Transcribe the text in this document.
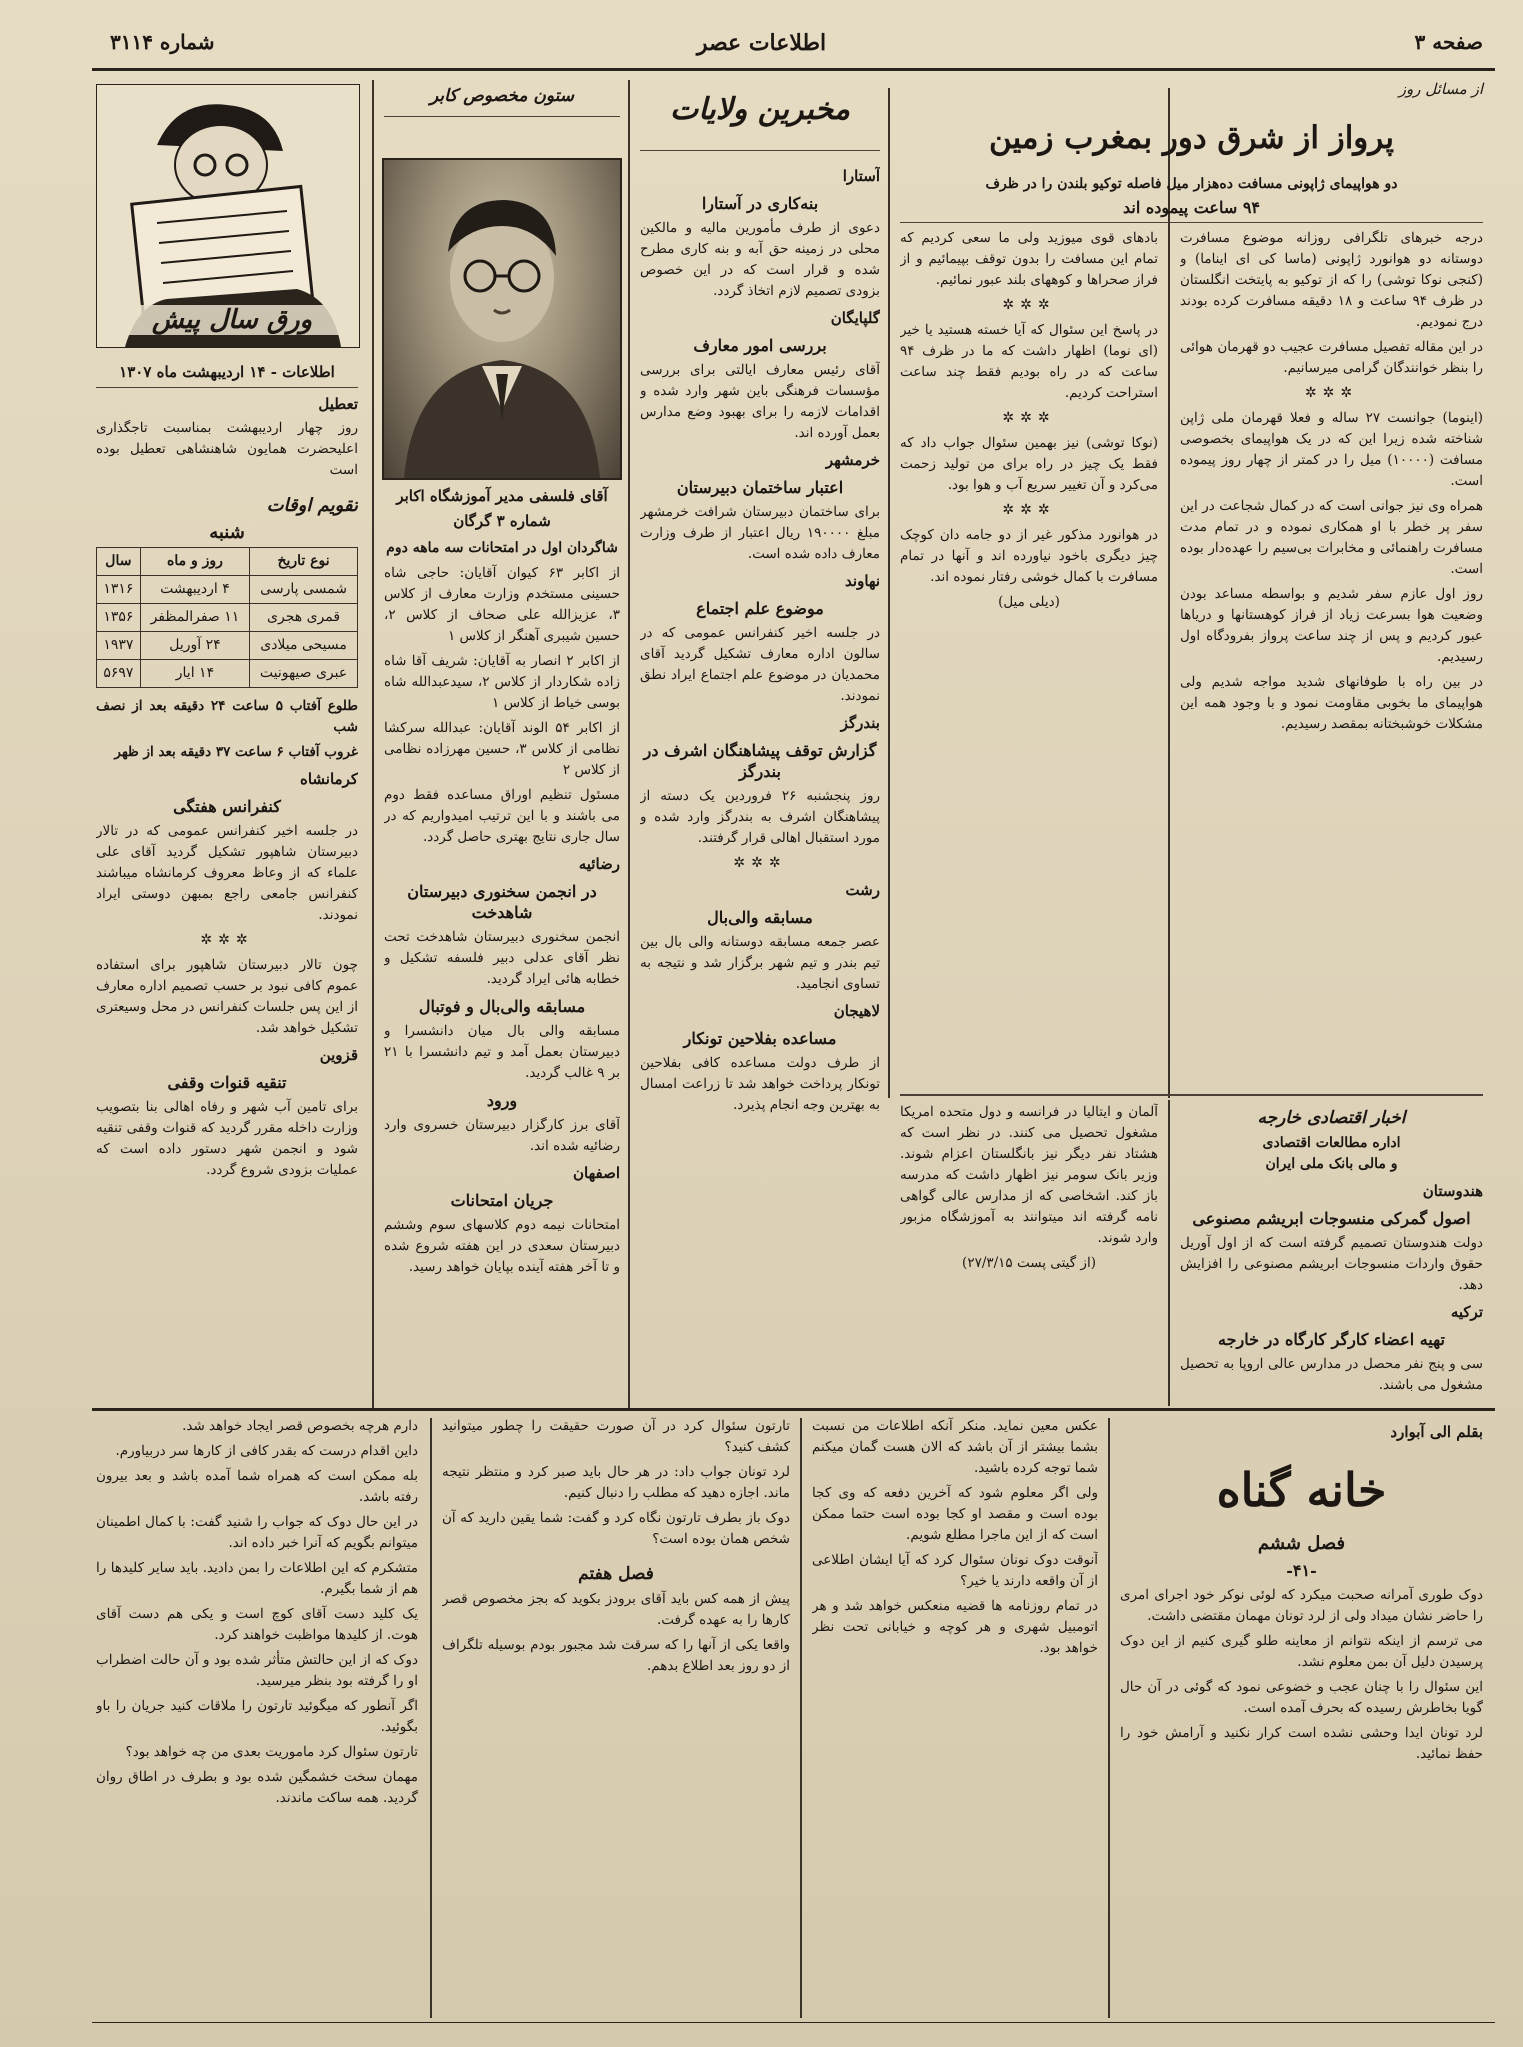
صفحه ۳
اطلاعات عصر
شماره ۳۱۱۴
از مسائل روز
پرواز از شرق دور بمغرب زمین
دو هواپیمای ژاپونی مسافت ده‌هزار میل فاصله توکیو بلندن را در ظرف
۹۴ ساعت پیموده اند

درجه خبرهای تلگرافی روزانه موضوع مسافرت دوستانه دو هوانورد ژاپونی (ماسا کی ای ایناما) و (کنجی نوکا توشی) را که از توکیو به پایتخت انگلستان در ظرف ۹۴ ساعت و ۱۸ دقیقه مسافرت کرده بودند درج نمودیم.

در این مقاله تفصیل مسافرت عجیب دو قهرمان هوائی را بنظر خوانندگان گرامی میرسانیم.

✲✲✲

(اینوما) جوانست ۲۷ ساله و فعلا قهرمان ملی ژاپن شناخته شده زیرا این که در یک هواپیمای بخصوصی مسافت (۱۰۰۰۰) میل را در کمتر از چهار روز پیموده است.

همراه وی نیز جوانی است که در کمال شجاعت در این سفر پر خطر با او همکاری نموده و در تمام مدت مسافرت راهنمائی و مخابرات بی‌سیم را عهده‌دار بوده است.

روز اول عازم سفر شدیم و بواسطه مساعد بودن وضعیت هوا بسرعت زیاد از فراز کوهستانها و دریاها عبور کردیم و پس از چند ساعت پرواز بفرودگاه اول رسیدیم.

در بین راه با طوفانهای شدید مواجه شدیم ولی هواپیمای ما بخوبی مقاومت نمود و با وجود همه این مشکلات خوشبختانه بمقصد رسیدیم.

بادهای قوی میوزید ولی ما سعی کردیم که تمام این مسافت را بدون توقف بپیمائیم و از فراز صحراها و کوههای بلند عبور نمائیم.

✲✲✲

در پاسخ این سئوال که آیا خسته هستید یا خیر (ای نوما) اظهار داشت که ما در ظرف ۹۴ ساعت که در راه بودیم فقط چند ساعت استراحت کردیم.

✲✲✲

(نوکا توشی) نیز بهمین سئوال جواب داد که فقط یک چیز در راه برای من تولید زحمت می‌کرد و آن تغییر سریع آب و هوا بود.

✲✲✲

در هوانورد مذکور غیر از دو جامه دان کوچک چیز دیگری باخود نیاورده اند و آنها در تمام مسافرت با کمال خوشی رفتار نموده اند.

(دیلی میل)

مخبرین ولایات
آستارا
بنه‌کاری در آستارا

دعوی از طرف مأمورین مالیه و مالکین محلی در زمینه حق آبه و بنه کاری مطرح شده و قرار است که در این خصوص بزودی تصمیم لازم اتخاذ گردد.

گلپایگان
بررسی امور معارف

آقای رئیس معارف ایالتی برای بررسی مؤسسات فرهنگی باین شهر وارد شده و اقدامات لازمه را برای بهبود وضع مدارس بعمل آورده اند.

خرمشهر
اعتبار ساختمان دبیرستان

برای ساختمان دبیرستان شرافت خرمشهر مبلغ ۱۹۰۰۰۰ ریال اعتبار از طرف وزارت معارف داده شده است.

نهاوند
موضوع علم اجتماع

در جلسه اخیر کنفرانس عمومی که در سالون اداره معارف تشکیل گردید آقای محمدیان در موضوع علم اجتماع ایراد نطق نمودند.

بندرگز
گزارش توقف پیشاهنگان اشرف در بندرگز

روز پنجشنبه ۲۶ فروردین یک دسته از پیشاهنگان اشرف به بندرگز وارد شده و مورد استقبال اهالی قرار گرفتند.

✲✲✲
رشت
مسابقه والی‌بال

عصر جمعه مسابقه دوستانه والی بال بین تیم بندر و تیم شهر برگزار شد و نتیجه به تساوی انجامید.

لاهیجان
مساعده بفلاحین تونکار

از طرف دولت مساعده کافی بفلاحین تونکار پرداخت خواهد شد تا زراعت امسال به بهترین وجه انجام پذیرد.

ستون مخصوص کابر
آقای فلسفی مدیر آموزشگاه اکابر
شماره ۳ گرگان
شاگردان اول در امتحانات سه ماهه دوم

از اکابر ۶۳ کیوان آقایان: حاجی شاه حسینی مستخدم وزارت معارف از کلاس ۳، عزیزالله علی صحاف از کلاس ۲، حسین شیبری آهنگر از کلاس ۱

از اکابر ۲ انصار به آقایان: شریف آقا شاه زاده شکاردار از کلاس ۲، سیدعبدالله شاه بوسی خیاط از کلاس ۱

از اکابر ۵۴ الوند آقایان: عبدالله سرکشا نظامی از کلاس ۳، حسین مهرزاده نظامی از کلاس ۲

مسئول تنظیم اوراق مساعده فقط دوم می باشند و با این ترتیب امیدواریم که در سال جاری نتایج بهتری حاصل گردد.

رضائیه
در انجمن سخنوری دبیرستان شاهدخت

انجمن سخنوری دبیرستان شاهدخت تحت نظر آقای عدلی دبیر فلسفه تشکیل و خطابه هائی ایراد گردید.

مسابقه والی‌بال و فوتبال

مسابقه والی بال میان دانشسرا و دبیرستان بعمل آمد و تیم دانشسرا با ۲۱ بر ۹ غالب گردید.

ورود

آقای برز کارگزار دبیرستان خسروی وارد رضائیه شده اند.

اصفهان
جریان امتحانات

امتحانات نیمه دوم کلاسهای سوم وششم دبیرستان سعدی در این هفته شروع شده و تا آخر هفته آینده بپایان خواهد رسید.

ورق سال پیش
اطلاعات - ۱۴ اردیبهشت ماه ۱۳۰۷
تعطیل

روز چهار اردیبهشت بمناسبت تاجگذاری اعلیحضرت همایون شاهنشاهی تعطیل بوده است

تقویم اوقات
شنبه
نوع تاریخ	روز و ماه	سال
شمسی پارسی	۴ اردیبهشت	۱۳۱۶
قمری هجری	۱۱ صفرالمظفر	۱۳۵۶
مسیحی میلادی	۲۴ آوریل	۱۹۳۷
عبری صیهونیت	۱۴ ایار	۵۶۹۷

طلوع آفتاب ۵ ساعت ۲۴ دقیقه بعد از نصف شب

غروب آفتاب ۶ ساعت ۳۷ دقیقه بعد از ظهر

کرمانشاه
کنفرانس هفتگی

در جلسه اخیر کنفرانس عمومی که در تالار دبیرستان شاهپور تشکیل گردید آقای علی علماء که از وعاظ معروف کرمانشاه میباشند کنفرانس جامعی راجع بمبهن دوستی ایراد نمودند.

✲✲✲

چون تالار دبیرستان شاهپور برای استفاده عموم کافی نبود بر حسب تصمیم اداره معارف از این پس جلسات کنفرانس در محل وسیعتری تشکیل خواهد شد.

قزوین
تنقیه قنوات وقفی

برای تامین آب شهر و رفاه اهالی بنا بتصویب وزارت داخله مقرر گردید که قنوات وقفی تنقیه شود و انجمن شهر دستور داده است که عملیات بزودی شروع گردد.

اخبار اقتصادی خارجه
اداره مطالعات اقتصادی
و مالی بانک ملی ایران
هندوستان
اصول گمرکی منسوجات ابریشم مصنوعی

دولت هندوستان تصمیم گرفته است که از اول آوریل حقوق واردات منسوجات ابریشم مصنوعی را افزایش دهد.

ترکیه
تهیه اعضاء کارگر کارگاه در خارجه

سی و پنج نفر محصل در مدارس عالی اروپا به تحصیل مشغول می باشند.

آلمان و ایتالیا در فرانسه و دول متحده امریکا مشغول تحصیل می کنند. در نظر است که هشتاد نفر دیگر نیز بانگلستان اعزام شوند. وزیر بانک سومر نیز اظهار داشت که مدرسه باز کند. اشخاصی که از مدارس عالی گواهی نامه گرفته اند میتوانند به آموزشگاه مزبور وارد شوند.

(از گیتی پست ۲۷/۳/۱۵)

بقلم الی آبوارد
خانه گناه
فصل ششم
-۴۱-

دوک طوری آمرانه صحبت میکرد که لوئی نوکر خود اجرای امری را حاضر نشان میداد ولی از لرد تونان مهمان مقتضی داشت.

می ترسم از اینکه نتوانم از معاینه طلو گیری کنیم از این دوک پرسیدن دلیل آن بمن معلوم نشد.

این سئوال را با چنان عجب و خضوعی نمود که گوئی در آن حال گویا بخاطرش رسیده که بحرف آمده است.

لرد تونان ایدا وحشی نشده است کرار نکنید و آرامش خود را حفظ نمائید.

عکس معین نماید. منکر آنکه اطلاعات من نسبت بشما بیشتر از آن باشد که الان هست گمان میکنم شما توجه کرده باشید.

ولی اگر معلوم شود که آخرین دفعه که وی کجا بوده است و مقصد او کجا بوده است حتما ممکن است که از این ماجرا مطلع شویم.

آنوقت دوک نونان سئوال کرد که آیا ایشان اطلاعی از آن واقعه دارند یا خیر؟

در تمام روزنامه ها قضیه منعکس خواهد شد و هر اتومبیل شهری و هر کوچه و خیابانی تحت نظر خواهد بود.

تارتون سئوال کرد در آن صورت حقیقت را چطور میتوانید کشف کنید؟

لرد تونان جواب داد: در هر حال باید صبر کرد و منتظر نتیجه ماند. اجازه دهید که مطلب را دنبال کنیم.

دوک باز بطرف تارتون نگاه کرد و گفت: شما یقین دارید که آن شخص همان بوده است؟

فصل هفتم

پیش از همه کس باید آقای برودز بکوید که بجز مخصوص قصر کارها را به عهده گرفت.

واقعا یکی از آنها را که سرقت شد مجبور بودم بوسیله تلگراف از دو روز بعد اطلاع بدهم.

دارم هرچه بخصوص قصر ایجاد خواهد شد.

داین اقدام درست که بقدر کافی از کارها سر دربیاورم.

بله ممکن است که همراه شما آمده باشد و بعد بیرون رفته باشد.

در این حال دوک که جواب را شنید گفت: با کمال اطمینان میتوانم بگویم که آنرا خبر داده اند.

متشکرم که این اطلاعات را بمن دادید. باید سایر کلیدها را هم از شما بگیرم.

یک کلید دست آقای کوچ است و یکی هم دست آقای هوت. از کلیدها مواظبت خواهند کرد.

دوک که از این حالتش متأثر شده بود و آن حالت اضطراب او را گرفته بود بنظر میرسید.

اگر آنطور که میگوئید تارتون را ملاقات کنید جریان را باو بگوئید.

تارتون سئوال کرد ماموریت بعدی من چه خواهد بود؟

مهمان سخت خشمگین شده بود و بطرف در اطاق روان گردید. همه ساکت ماندند.
